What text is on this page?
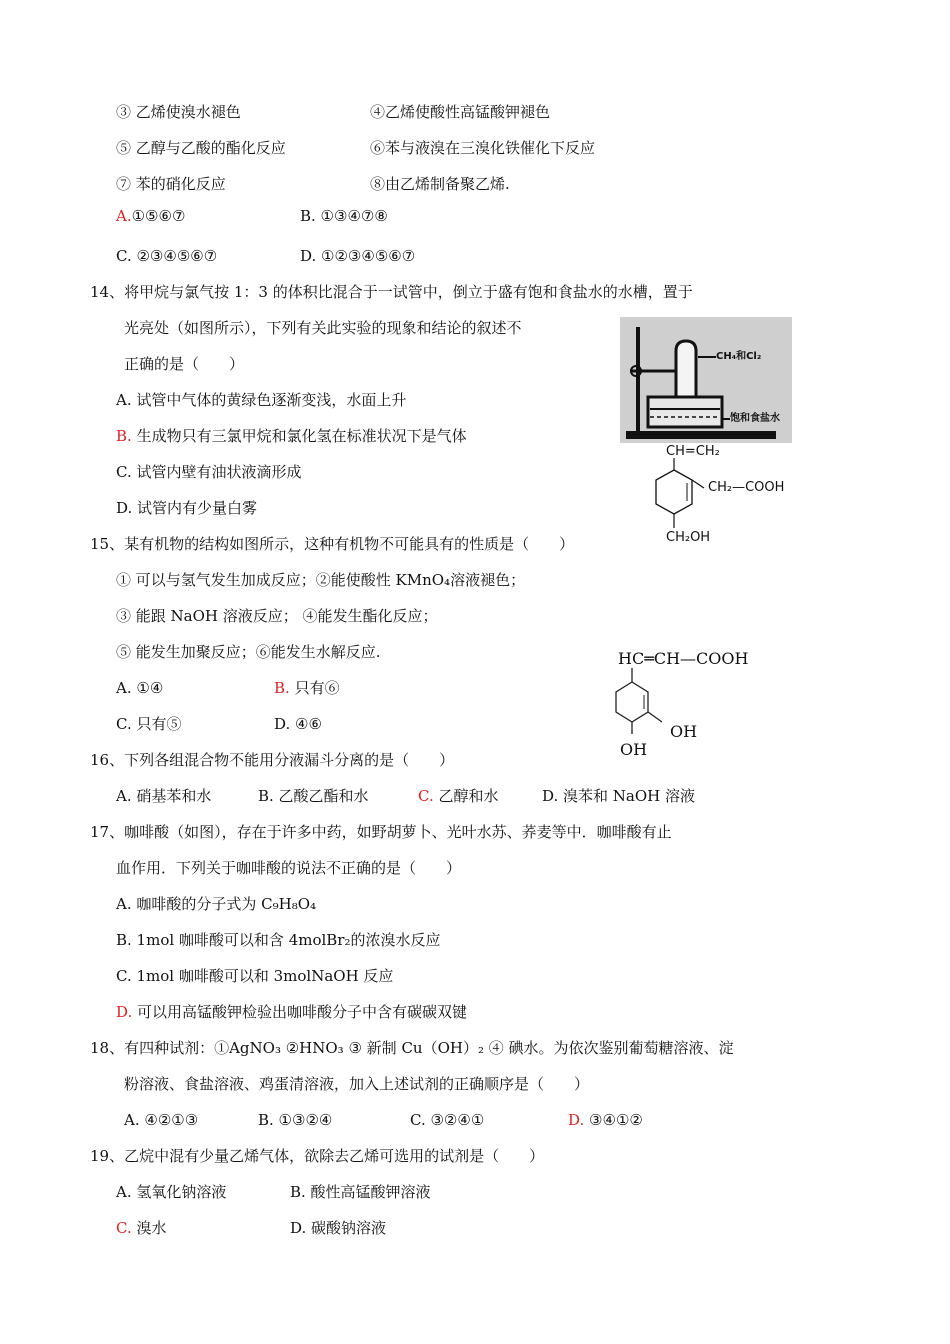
③ 乙烯使溴水褪色	④乙烯使酸性高锰酸钾褪色
⑤ 乙醇与乙酸的酯化反应	⑥苯与液溴在三溴化铁催化下反应
⑦ 苯的硝化反应	⑧由乙烯制备聚乙烯.
A.①⑤⑥⑦	B. ①③④⑦⑧
C. ②③④⑤⑥⑦	D. ①②③④⑤⑥⑦
14、将甲烷与氯气按 1：3 的体积比混合于一试管中，倒立于盛有饱和食盐水的水槽，置于
光亮处（如图所示），下列有关此实验的现象和结论的叙述不
正确的是（　　）
A. 试管中气体的黄绿色逐渐变浅，水面上升
B. 生成物只有三氯甲烷和氯化氢在标准状况下是气体
C. 试管内壁有油状液滴形成
D. 试管内有少量白雾
CH₄和Cl₂
饱和食盐水
CH=CH₂
CH₂—COOH
CH₂OH
15、某有机物的结构如图所示，这种有机物不可能具有的性质是（　　）
① 可以与氢气发生加成反应；②能使酸性 KMnO₄溶液褪色；
③ 能跟 NaOH 溶液反应； ④能发生酯化反应；
⑤ 能发生加聚反应；⑥能发生水解反应.
A. ①④	B. 只有⑥
C. 只有⑤	D. ④⑥
HC═CH—COOH
OH
OH
16、下列各组混合物不能用分液漏斗分离的是（　　）
A. 硝基苯和水	B. 乙酸乙酯和水	C. 乙醇和水	D. 溴苯和 NaOH 溶液
17、咖啡酸（如图），存在于许多中药，如野胡萝卜、光叶水苏、荞麦等中．咖啡酸有止
血作用．下列关于咖啡酸的说法不正确的是（　　）
A. 咖啡酸的分子式为 C₉H₈O₄
B. 1mol 咖啡酸可以和含 4molBr₂的浓溴水反应
C. 1mol 咖啡酸可以和 3molNaOH 反应
D. 可以用高锰酸钾检验出咖啡酸分子中含有碳碳双键
18、有四种试剂：①AgNO₃ ②HNO₃ ③ 新制 Cu（OH）₂ ④ 碘水。为依次鉴别葡萄糖溶液、淀
粉溶液、食盐溶液、鸡蛋清溶液，加入上述试剂的正确顺序是（　　）
A. ④②①③	B. ①③②④	C. ③②④①	D. ③④①②
19、乙烷中混有少量乙烯气体，欲除去乙烯可选用的试剂是（　　）
A. 氢氧化钠溶液	B. 酸性高锰酸钾溶液
C. 溴水	D. 碳酸钠溶液
